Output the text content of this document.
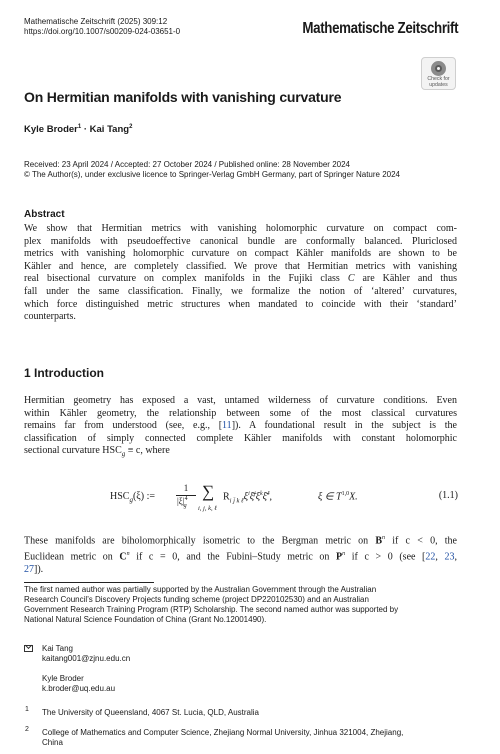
Mathematische Zeitschrift (2025) 309:12
https://doi.org/10.1007/s00209-024-03651-0	Mathematische Zeitschrift
Check for
updates
On Hermitian manifolds with vanishing curvature
Kyle Broder$^1$ · Kai Tang$^2$
Received: 23 April 2024 / Accepted: 27 October 2024 / Published online: 28 November 2024
© The Author(s), under exclusive licence to Springer-Verlag GmbH Germany, part of Springer Nature 2024
Abstract
We show that Hermitian metrics with vanishing holomorphic curvature on compact com-
plex manifolds with pseudoeffective canonical bundle are conformally balanced. Pluriclosed
metrics with vanishing holomorphic curvature on compact Kähler manifolds are shown to be
Kähler and hence, are completely classified. We prove that Hermitian metrics with vanishing
real bisectional curvature on complex manifolds in the Fujiki class C are Kähler and thus
fall under the same classification. Finally, we formalize the notion of ‘altered’ curvatures,
which force distinguished metric structures when mandated to coincide with their ‘standard’
counterparts.
1 Introduction
Hermitian geometry has exposed a vast, untamed wilderness of curvature conditions. Even
within Kähler geometry, the relationship between some of the most classical curvatures
remains far from understood (see, e.g., [11]). A foundational result in the subject is the
classification of simply connected complete Kähler manifolds with constant holomorphic
sectional curvature $HSC_g \equiv c$, where
$HSC_g(\xi)$ :=
1
$|\xi|^4_g$
∑
i, j, k, ℓ
$R_{i j̄ k \ell̄}\xi^i\xī^j\xi^k\xī^\ell$,	ξ ∈ T$^{1,0}$X.	(1.1)
These manifolds are biholomorphically isometric to the Bergman metric on $B^n$ if c < 0, the
Euclidean metric on $C^n$ if c = 0, and the Fubini–Study metric on $P^n$ if c > 0 (see [22, 23,
27]).
The first named author was partially supported by the Australian Government through the Australian
Research Council’s Discovery Projects funding scheme (project DP220102530) and an Australian
Government Research Training Program (RTP) Scholarship. The second named author was supported by
National Natural Science Foundation of China (Grant No.12001490).
Kai Tang
kaitang001@zjnu.edu.cn
Kyle Broder
k.broder@uq.edu.au
1 The University of Queensland, 4067 St. Lucia, QLD, Australia
2 College of Mathematics and Computer Science, Zhejiang Normal University, Jinhua 321004, Zhejiang,
China
